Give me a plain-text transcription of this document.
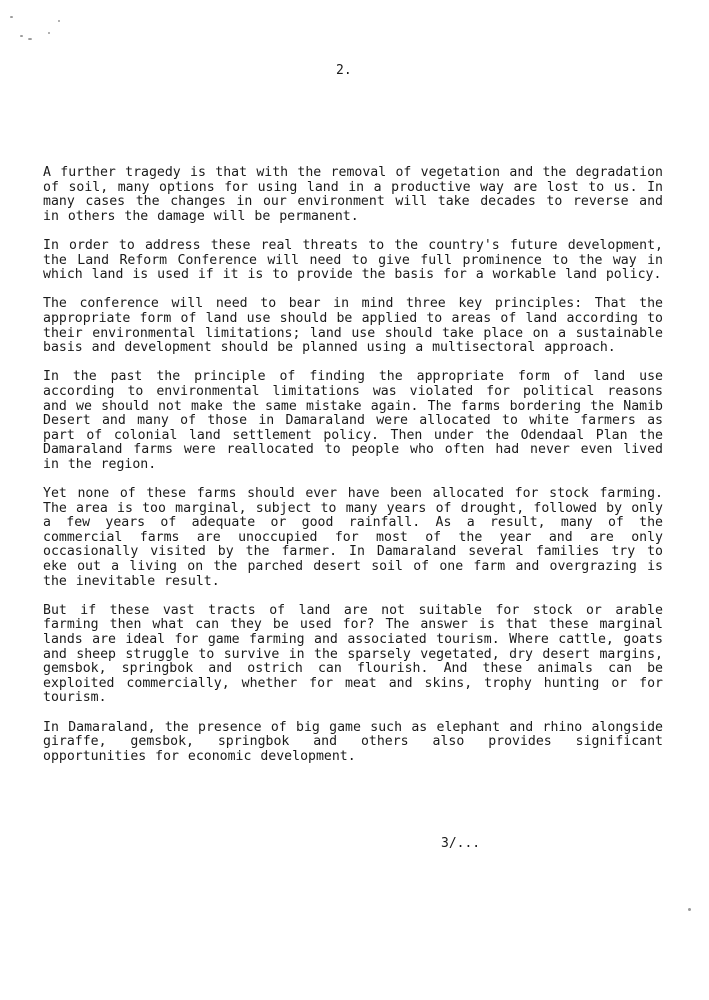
2.

A further tragedy is that with the removal of vegetation and the degradation of soil, many options for using land in a productive way are lost to us. In many cases the changes in our environment will take decades to reverse and in others the damage will be permanent.

In order to address these real threats to the country's future development, the Land Reform Conference will need to give full prominence to the way in which land is used if it is to provide the basis for a workable land policy.

The conference will need to bear in mind three key principles: That the appropriate form of land use should be applied to areas of land according to their environmental limitations; land use should take place on a sustainable basis and development should be planned using a multisectoral approach.

In the past the principle of finding the appropriate form of land use according to environmental limitations was violated for political reasons and we should not make the same mistake again. The farms bordering the Namib Desert and many of those in Damaraland were allocated to white farmers as part of colonial land settlement policy. Then under the Odendaal Plan the Damaraland farms were reallocated to people who often had never even lived in the region.

Yet none of these farms should ever have been allocated for stock farming. The area is too marginal, subject to many years of drought, followed by only a few years of adequate or good rainfall. As a result, many of the commercial farms are unoccupied for most of the year and are only occasionally visited by the farmer. In Damaraland several families try to eke out a living on the parched desert soil of one farm and overgrazing is the inevitable result.

But if these vast tracts of land are not suitable for stock or arable farming then what can they be used for? The answer is that these marginal lands are ideal for game farming and associated tourism. Where cattle, goats and sheep struggle to survive in the sparsely vegetated, dry desert margins, gemsbok, springbok and ostrich can flourish. And these animals can be exploited commercially, whether for meat and skins, trophy hunting or for tourism.

In Damaraland, the presence of big game such as elephant and rhino alongside giraffe, gemsbok, springbok and others also provides significant opportunities for economic development.

3/...
